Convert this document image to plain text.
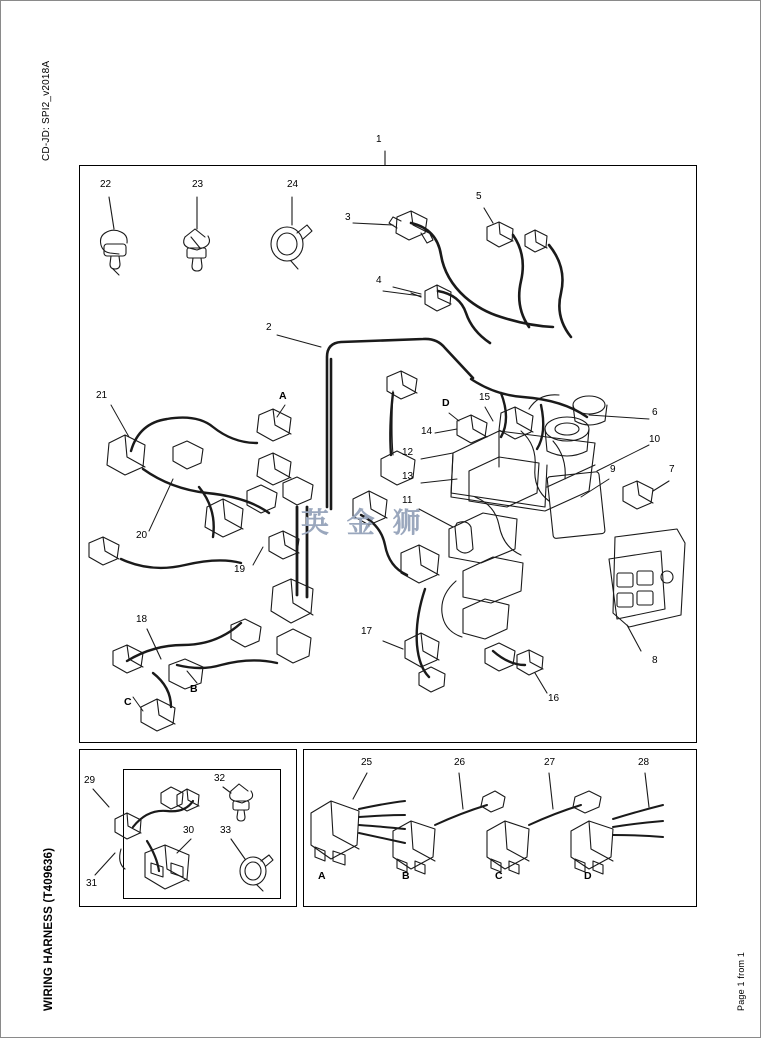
CD-JD: SPI2_v2018A
WIRING HARNESS (T409636)	Page 1 from 1
1
2
3
4
5
6
7
8
9
10
11
12
13
14
15
16
17
18
19
20
21
22	23	24
25	26	27	28
29
30
31
32
33
A
B
C
D
A	B	C	D
英 金 狮
